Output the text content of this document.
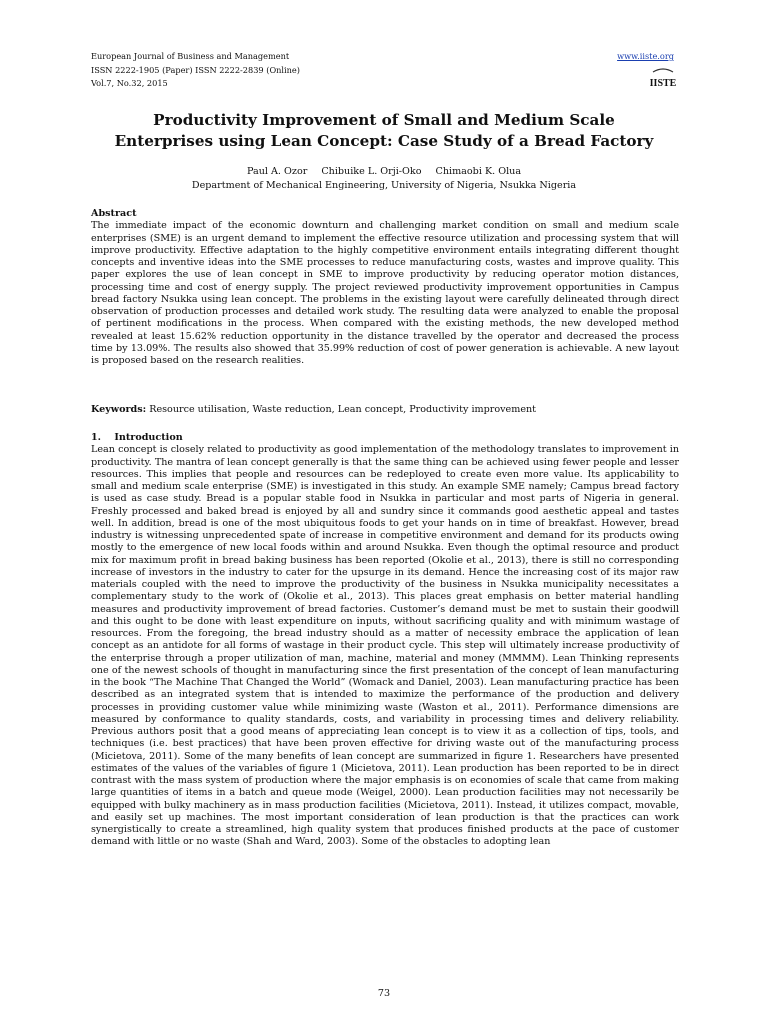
European Journal of Business and Management
ISSN 2222-1905 (Paper) ISSN 2222-2839 (Online)
Vol.7, No.32, 2015
www.iiste.org
IISTE
Productivity Improvement of Small and Medium Scale
Enterprises using Lean Concept: Case Study of a Bread Factory
Paul A. Ozor Chibuike L. Orji-Oko Chimaobi K. Olua
Department of Mechanical Engineering, University of Nigeria, Nsukka Nigeria
Abstract
The immediate impact of the economic downturn and challenging market condition on small and medium scale enterprises (SME) is an urgent demand to implement the effective resource utilization and processing system that will improve productivity. Effective adaptation to the highly competitive environment entails integrating different thought concepts and inventive ideas into the SME processes to reduce manufacturing costs, wastes and improve quality. This paper explores the use of lean concept in SME to improve productivity by reducing operator motion distances, processing time and cost of energy supply. The project reviewed productivity improvement opportunities in Campus bread factory Nsukka using lean concept. The problems in the existing layout were carefully delineated through direct observation of production processes and detailed work study. The resulting data were analyzed to enable the proposal of pertinent modifications in the process. When compared with the existing methods, the new developed method revealed at least 15.62% reduction opportunity in the distance travelled by the operator and decreased the process time by 13.09%. The results also showed that 35.99% reduction of cost of power generation is achievable. A new layout is proposed based on the research realities.
Keywords: Resource utilisation, Waste reduction, Lean concept, Productivity improvement
1.    Introduction
Lean concept is closely related to productivity as good implementation of the methodology translates to improvement in productivity. The mantra of lean concept generally is that the same thing can be achieved using fewer people and lesser resources. This implies that people and resources can be redeployed to create even more value. Its applicability to small and medium scale enterprise (SME) is investigated in this study. An example SME namely; Campus bread factory is used as case study. Bread is a popular stable food in Nsukka in particular and most parts of Nigeria in general. Freshly processed and baked bread is enjoyed by all and sundry since it commands good aesthetic appeal and tastes well. In addition, bread is one of the most ubiquitous foods to get your hands on in time of breakfast. However, bread industry is witnessing unprecedented spate of increase in competitive environment and demand for its products owing mostly to the emergence of new local foods within and around Nsukka. Even though the optimal resource and product mix for maximum profit in bread baking business has been reported (Okolie et al., 2013), there is still no corresponding increase of investors in the industry to cater for the upsurge in its demand. Hence the increasing cost of its major raw materials coupled with the need to improve the productivity of the business in Nsukka municipality necessitates a complementary study to the work of (Okolie et al., 2013). This places great emphasis on better material handling measures and productivity improvement of bread factories. Customer’s demand must be met to sustain their goodwill and this ought to be done with least expenditure on inputs, without sacrificing quality and with minimum wastage of resources. From the foregoing, the bread industry should as a matter of necessity embrace the application of lean concept as an antidote for all forms of wastage in their product cycle. This step will ultimately increase productivity of the enterprise through a proper utilization of man, machine, material and money (MMMM). Lean Thinking represents one of the newest schools of thought in manufacturing since the first presentation of the concept of lean manufacturing in the book “The Machine That Changed the World” (Womack and Daniel, 2003). Lean manufacturing practice has been described as an integrated system that is intended to maximize the performance of the production and delivery processes in providing customer value while minimizing waste (Waston et al., 2011). Performance dimensions are measured by conformance to quality standards, costs, and variability in processing times and delivery reliability. Previous authors posit that a good means of appreciating lean concept is to view it as a collection of tips, tools, and techniques (i.e. best practices) that have been proven effective for driving waste out of the manufacturing process (Micietova, 2011). Some of the many benefits of lean concept are summarized in figure 1. Researchers have presented estimates of the values of the variables of figure 1 (Micietova, 2011). Lean production has been reported to be in direct contrast with the mass system of production where the major emphasis is on economies of scale that came from making large quantities of items in a batch and queue mode (Weigel, 2000). Lean production facilities may not necessarily be equipped with bulky machinery as in mass production facilities (Micietova, 2011). Instead, it utilizes compact, movable, and easily set up machines. The most important consideration of lean production is that the practices can work synergistically to create a streamlined, high quality system that produces finished products at the pace of customer demand with little or no waste (Shah and Ward, 2003). Some of the obstacles to adopting lean
73
